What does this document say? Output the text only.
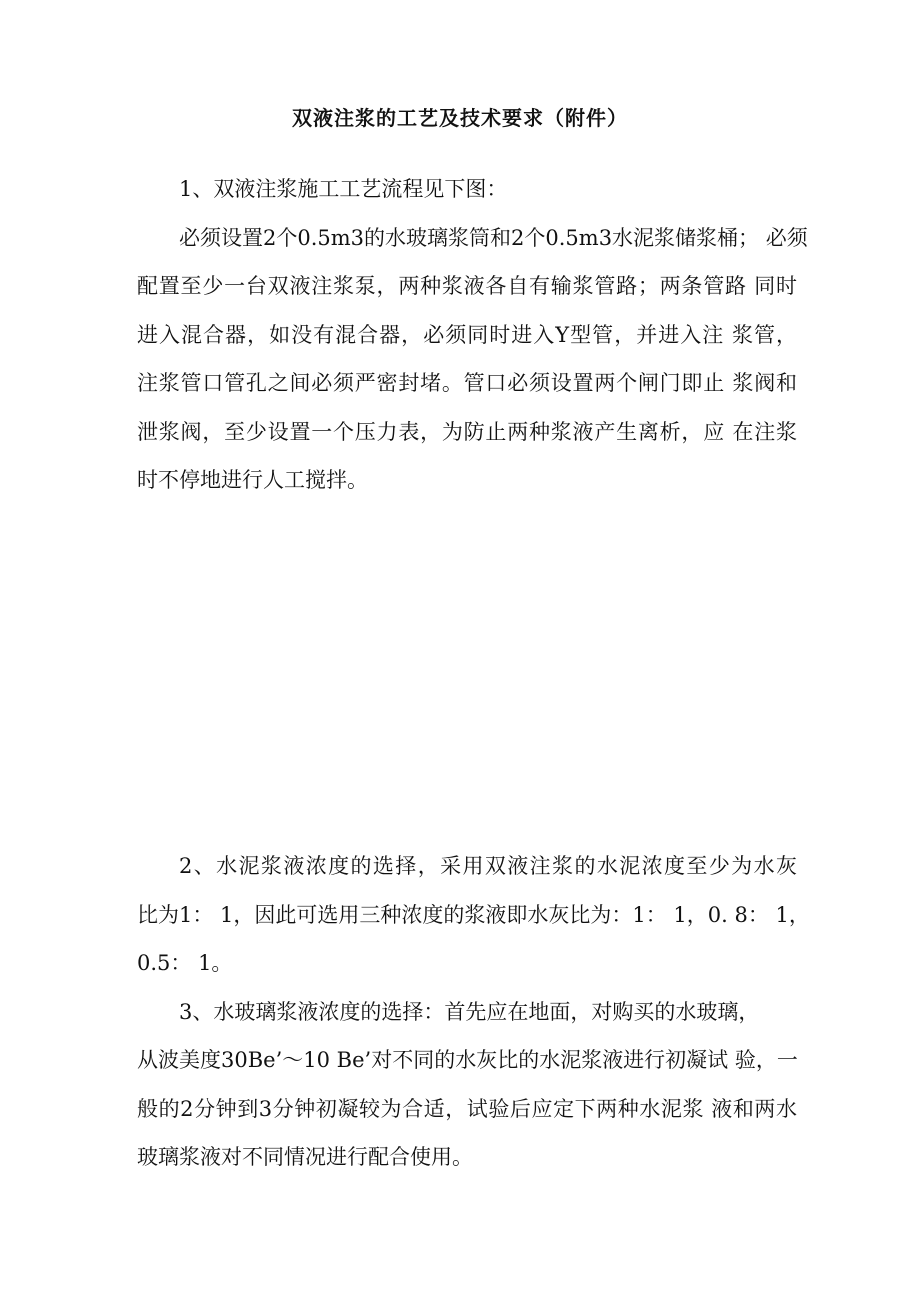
双液注浆的工艺及技术要求（附件）
1、双液注浆施工工艺流程见下图：
必须设置2个0.5m3的水玻璃浆筒和2个0.5m3水泥浆储浆桶； 必须
配置至少一台双液注浆泵，两种浆液各自有输浆管路；两条管路 同时
进入混合器，如没有混合器，必须同时进入Y型管，并进入注 浆管，
注浆管口管孔之间必须严密封堵。管口必须设置两个闸门即止 浆阀和
泄浆阀，至少设置一个压力表，为防止两种浆液产生离析，应 在注浆
时不停地进行人工搅拌。
2、水泥浆液浓度的选择，采用双液注浆的水泥浓度至少为水灰
比为1： 1，因此可选用三种浓度的浆液即水灰比为：1： 1，0. 8： 1，
0.5： 1。
3、水玻璃浆液浓度的选择：首先应在地面，对购买的水玻璃，
从波美度30Be’～10 Be’对不同的水灰比的水泥浆液进行初凝试 验，一
般的2分钟到3分钟初凝较为合适，试验后应定下两种水泥浆 液和两水
玻璃浆液对不同情况进行配合使用。
